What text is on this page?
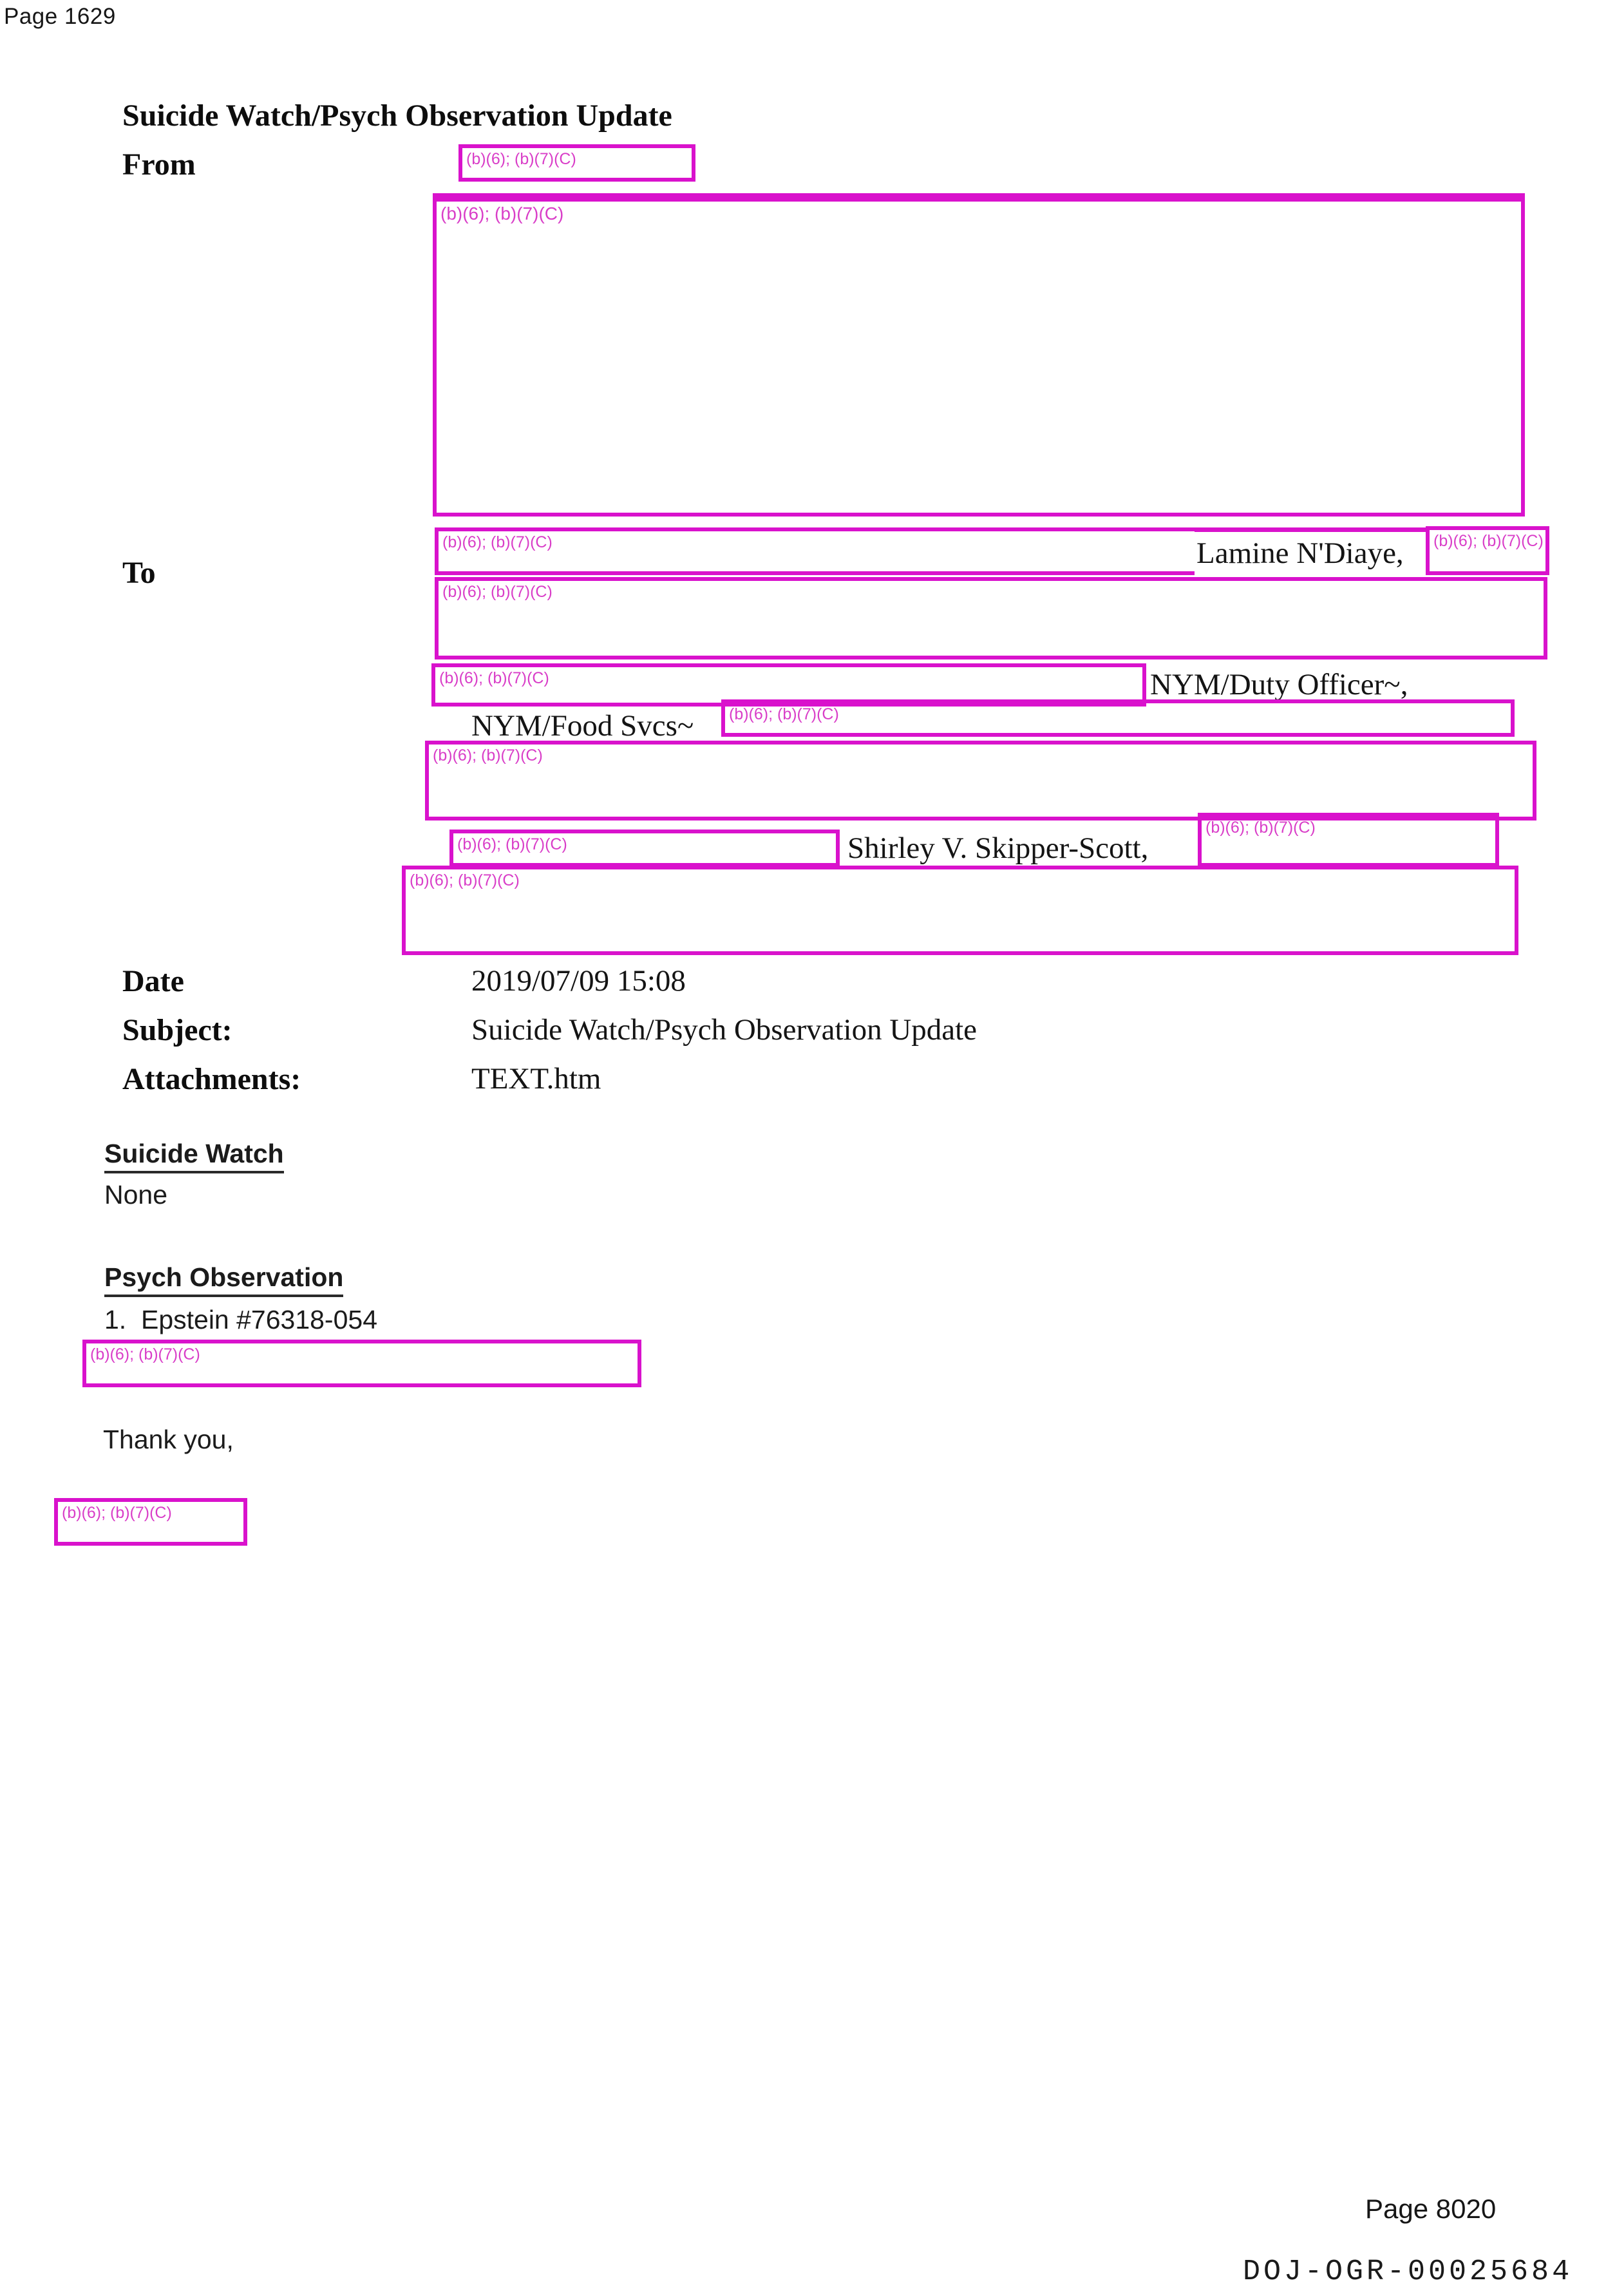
Page 1629
Suicide Watch/Psych Observation Update
From	(b)(6); (b)(7)(C)
(b)(6); (b)(7)(C)
To
(b)(6); (b)(7)(C)	Lamine N'Diaye, (b)(6); (b)(7)(C)
(b)(6); (b)(7)(C)
(b)(6); (b)(7)(C)	NYM/Duty Officer~,
NYM/Food Svcs~ (b)(6); (b)(7)(C)
(b)(6); (b)(7)(C)
(b)(6); (b)(7)(C)	Shirley V. Skipper-Scott,
(b)(6); (b)(7)(C)
(b)(6); (b)(7)(C)
Date	2019/07/09 15:08
Subject:	Suicide Watch/Psych Observation Update
Attachments:	TEXT.htm
Suicide Watch
None
Psych Observation
1.  Epstein #76318-054
(b)(6); (b)(7)(C)
Thank you,
(b)(6); (b)(7)(C)
Page 8020
DOJ-OGR-00025684
